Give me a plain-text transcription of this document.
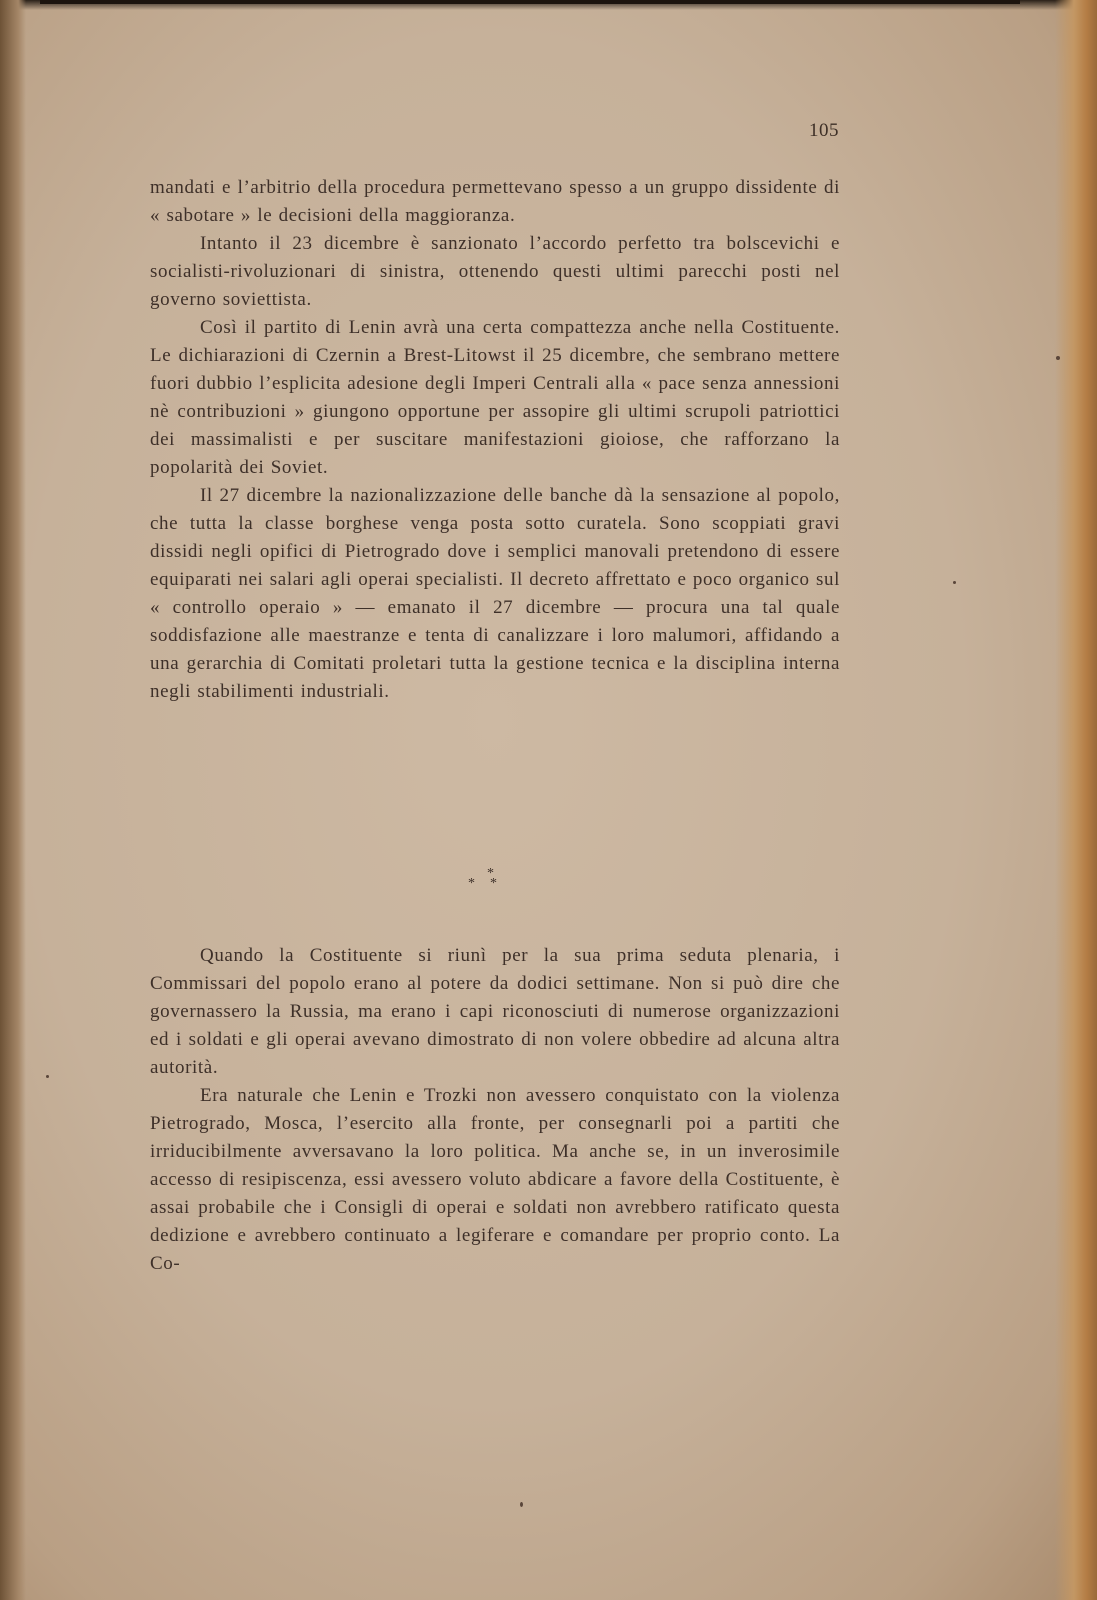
105

mandati e l’arbitrio della procedura permettevano spesso a un gruppo dissidente di « sabotare » le decisioni della maggioranza.

Intanto il 23 dicembre è sanzionato l’accordo perfetto tra bolscevichi e socialisti-rivoluzionari di sinistra, ottenendo questi ultimi parecchi posti nel governo soviettista.

Così il partito di Lenin avrà una certa compattezza anche nella Costituente. Le dichiarazioni di Czernin a Brest-Litowst il 25 dicembre, che sembrano mettere fuori dubbio l’esplicita adesione degli Imperi Centrali alla « pace senza annessioni nè contribuzioni » giungono opportune per assopire gli ultimi scrupoli patriottici dei massimalisti e per suscitare manifestazioni gioiose, che rafforzano la popolarità dei Soviet.

Il 27 dicembre la nazionalizzazione delle banche dà la sensazione al popolo, che tutta la classe borghese venga posta sotto curatela. Sono scoppiati gravi dissidi negli opifici di Pietrogrado dove i semplici manovali pretendono di essere equiparati nei salari agli operai specialisti. Il decreto affrettato e poco organico sul « controllo operaio » — emanato il 27 dicembre — procura una tal quale soddisfazione alle maestranze e tenta di canalizzare i loro malumori, affidando a una gerarchia di Comitati proletari tutta la gestione tecnica e la disciplina interna negli stabilimenti industriali.

*
* *

Quando la Costituente si riunì per la sua prima seduta plenaria, i Commissari del popolo erano al potere da dodici settimane. Non si può dire che governassero la Russia, ma erano i capi riconosciuti di numerose organizzazioni ed i soldati e gli operai avevano dimostrato di non volere obbedire ad alcuna altra autorità.

Era naturale che Lenin e Trozki non avessero conquistato con la violenza Pietrogrado, Mosca, l’esercito alla fronte, per consegnarli poi a partiti che irriducibilmente avversavano la loro politica. Ma anche se, in un inverosimile accesso di resipiscenza, essi avessero voluto abdicare a favore della Costituente, è assai probabile che i Consigli di operai e soldati non avrebbero ratificato questa dedizione e avrebbero continuato a legiferare e comandare per proprio conto. La Co-
